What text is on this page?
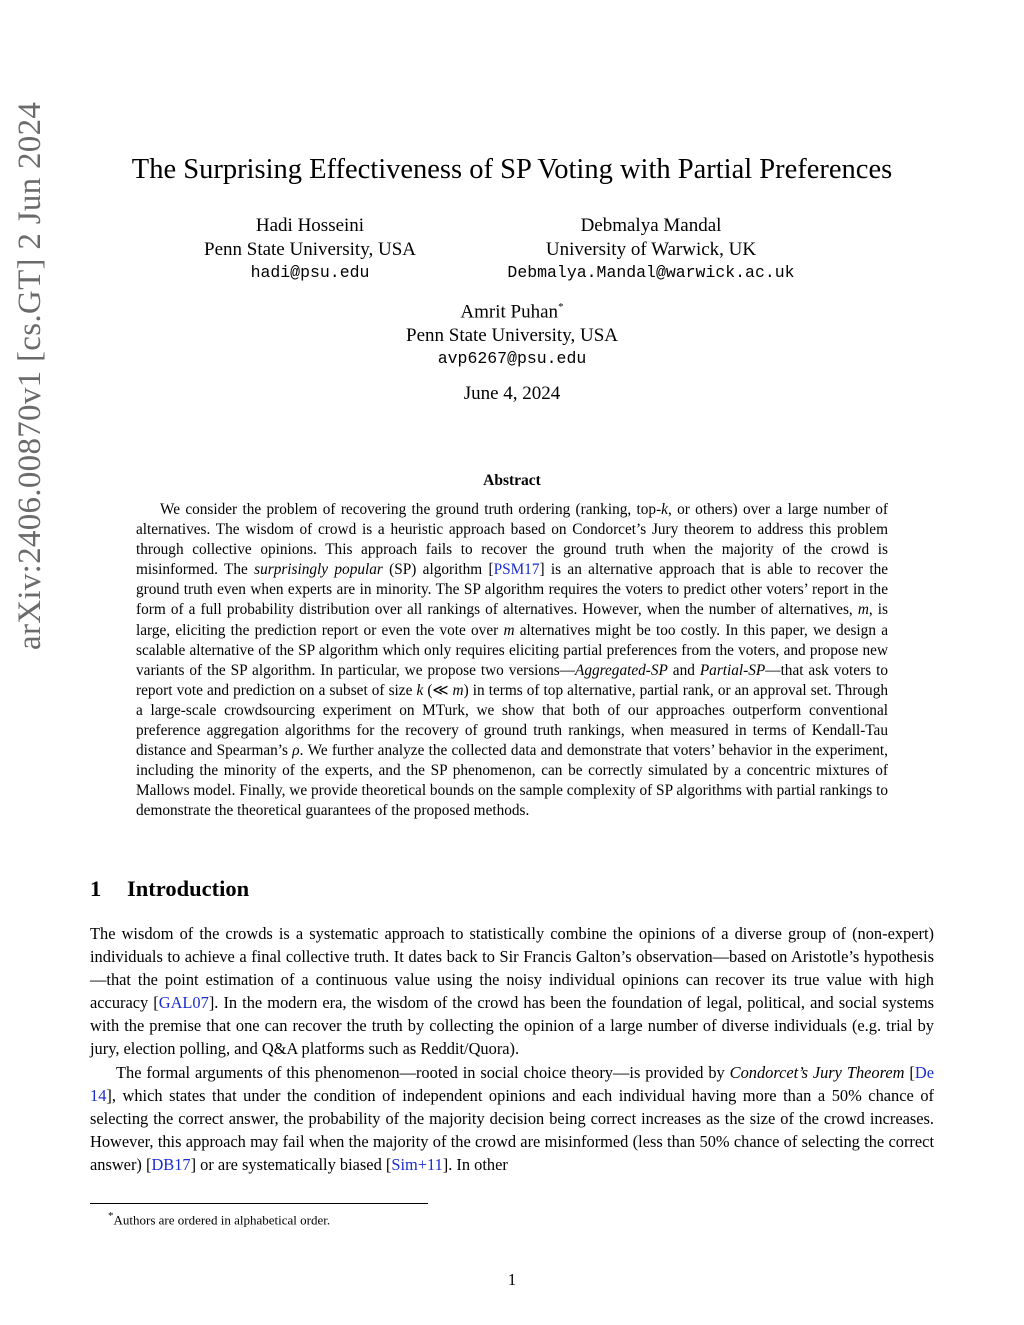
arXiv:2406.00870v1 [cs.GT] 2 Jun 2024	The Surprising Effectiveness of SP Voting with Partial Preferences
Hadi Hosseini
Penn State University, USA
hadi@psu.edu
Debmalya Mandal
University of Warwick, UK
Debmalya.Mandal@warwick.ac.uk
Amrit Puhan*
Penn State University, USA
avp6267@psu.edu
June 4, 2024
Abstract
We consider the problem of recovering the ground truth ordering (ranking, top-k, or others) over a large number of alternatives. The wisdom of crowd is a heuristic approach based on Condorcet’s Jury theorem to address this problem through collective opinions. This approach fails to recover the ground truth when the majority of the crowd is misinformed. The surprisingly popular (SP) algorithm [PSM17] is an alternative approach that is able to recover the ground truth even when experts are in minority. The SP algorithm requires the voters to predict other voters’ report in the form of a full probability distribution over all rankings of alternatives. However, when the number of alternatives, m, is large, eliciting the prediction report or even the vote over m alternatives might be too costly. In this paper, we design a scalable alternative of the SP algorithm which only requires eliciting partial preferences from the voters, and propose new variants of the SP algorithm. In particular, we propose two versions—Aggregated-SP and Partial-SP—that ask voters to report vote and prediction on a subset of size k (≪ m) in terms of top alternative, partial rank, or an approval set. Through a large-scale crowdsourcing experiment on MTurk, we show that both of our approaches outperform conventional preference aggregation algorithms for the recovery of ground truth rankings, when measured in terms of Kendall-Tau distance and Spearman’s ρ. We further analyze the collected data and demonstrate that voters’ behavior in the experiment, including the minority of the experts, and the SP phenomenon, can be correctly simulated by a concentric mixtures of Mallows model. Finally, we provide theoretical bounds on the sample complexity of SP algorithms with partial rankings to demonstrate the theoretical guarantees of the proposed methods.
1 Introduction

The wisdom of the crowds is a systematic approach to statistically combine the opinions of a diverse group of (non-expert) individuals to achieve a final collective truth. It dates back to Sir Francis Galton’s observation—based on Aristotle’s hypothesis—that the point estimation of a continuous value using the noisy individual opinions can recover its true value with high accuracy [GAL07]. In the modern era, the wisdom of the crowd has been the foundation of legal, political, and social systems with the premise that one can recover the truth by collecting the opinion of a large number of diverse individuals (e.g. trial by jury, election polling, and Q&A platforms such as Reddit/Quora).

The formal arguments of this phenomenon—rooted in social choice theory—is provided by Condorcet’s Jury Theorem [De 14], which states that under the condition of independent opinions and each individual having more than a 50% chance of selecting the correct answer, the probability of the majority decision being correct increases as the size of the crowd increases. However, this approach may fail when the majority of the crowd are misinformed (less than 50% chance of selecting the correct answer) [DB17] or are systematically biased [Sim+11]. In other

*Authors are ordered in alphabetical order.
1
